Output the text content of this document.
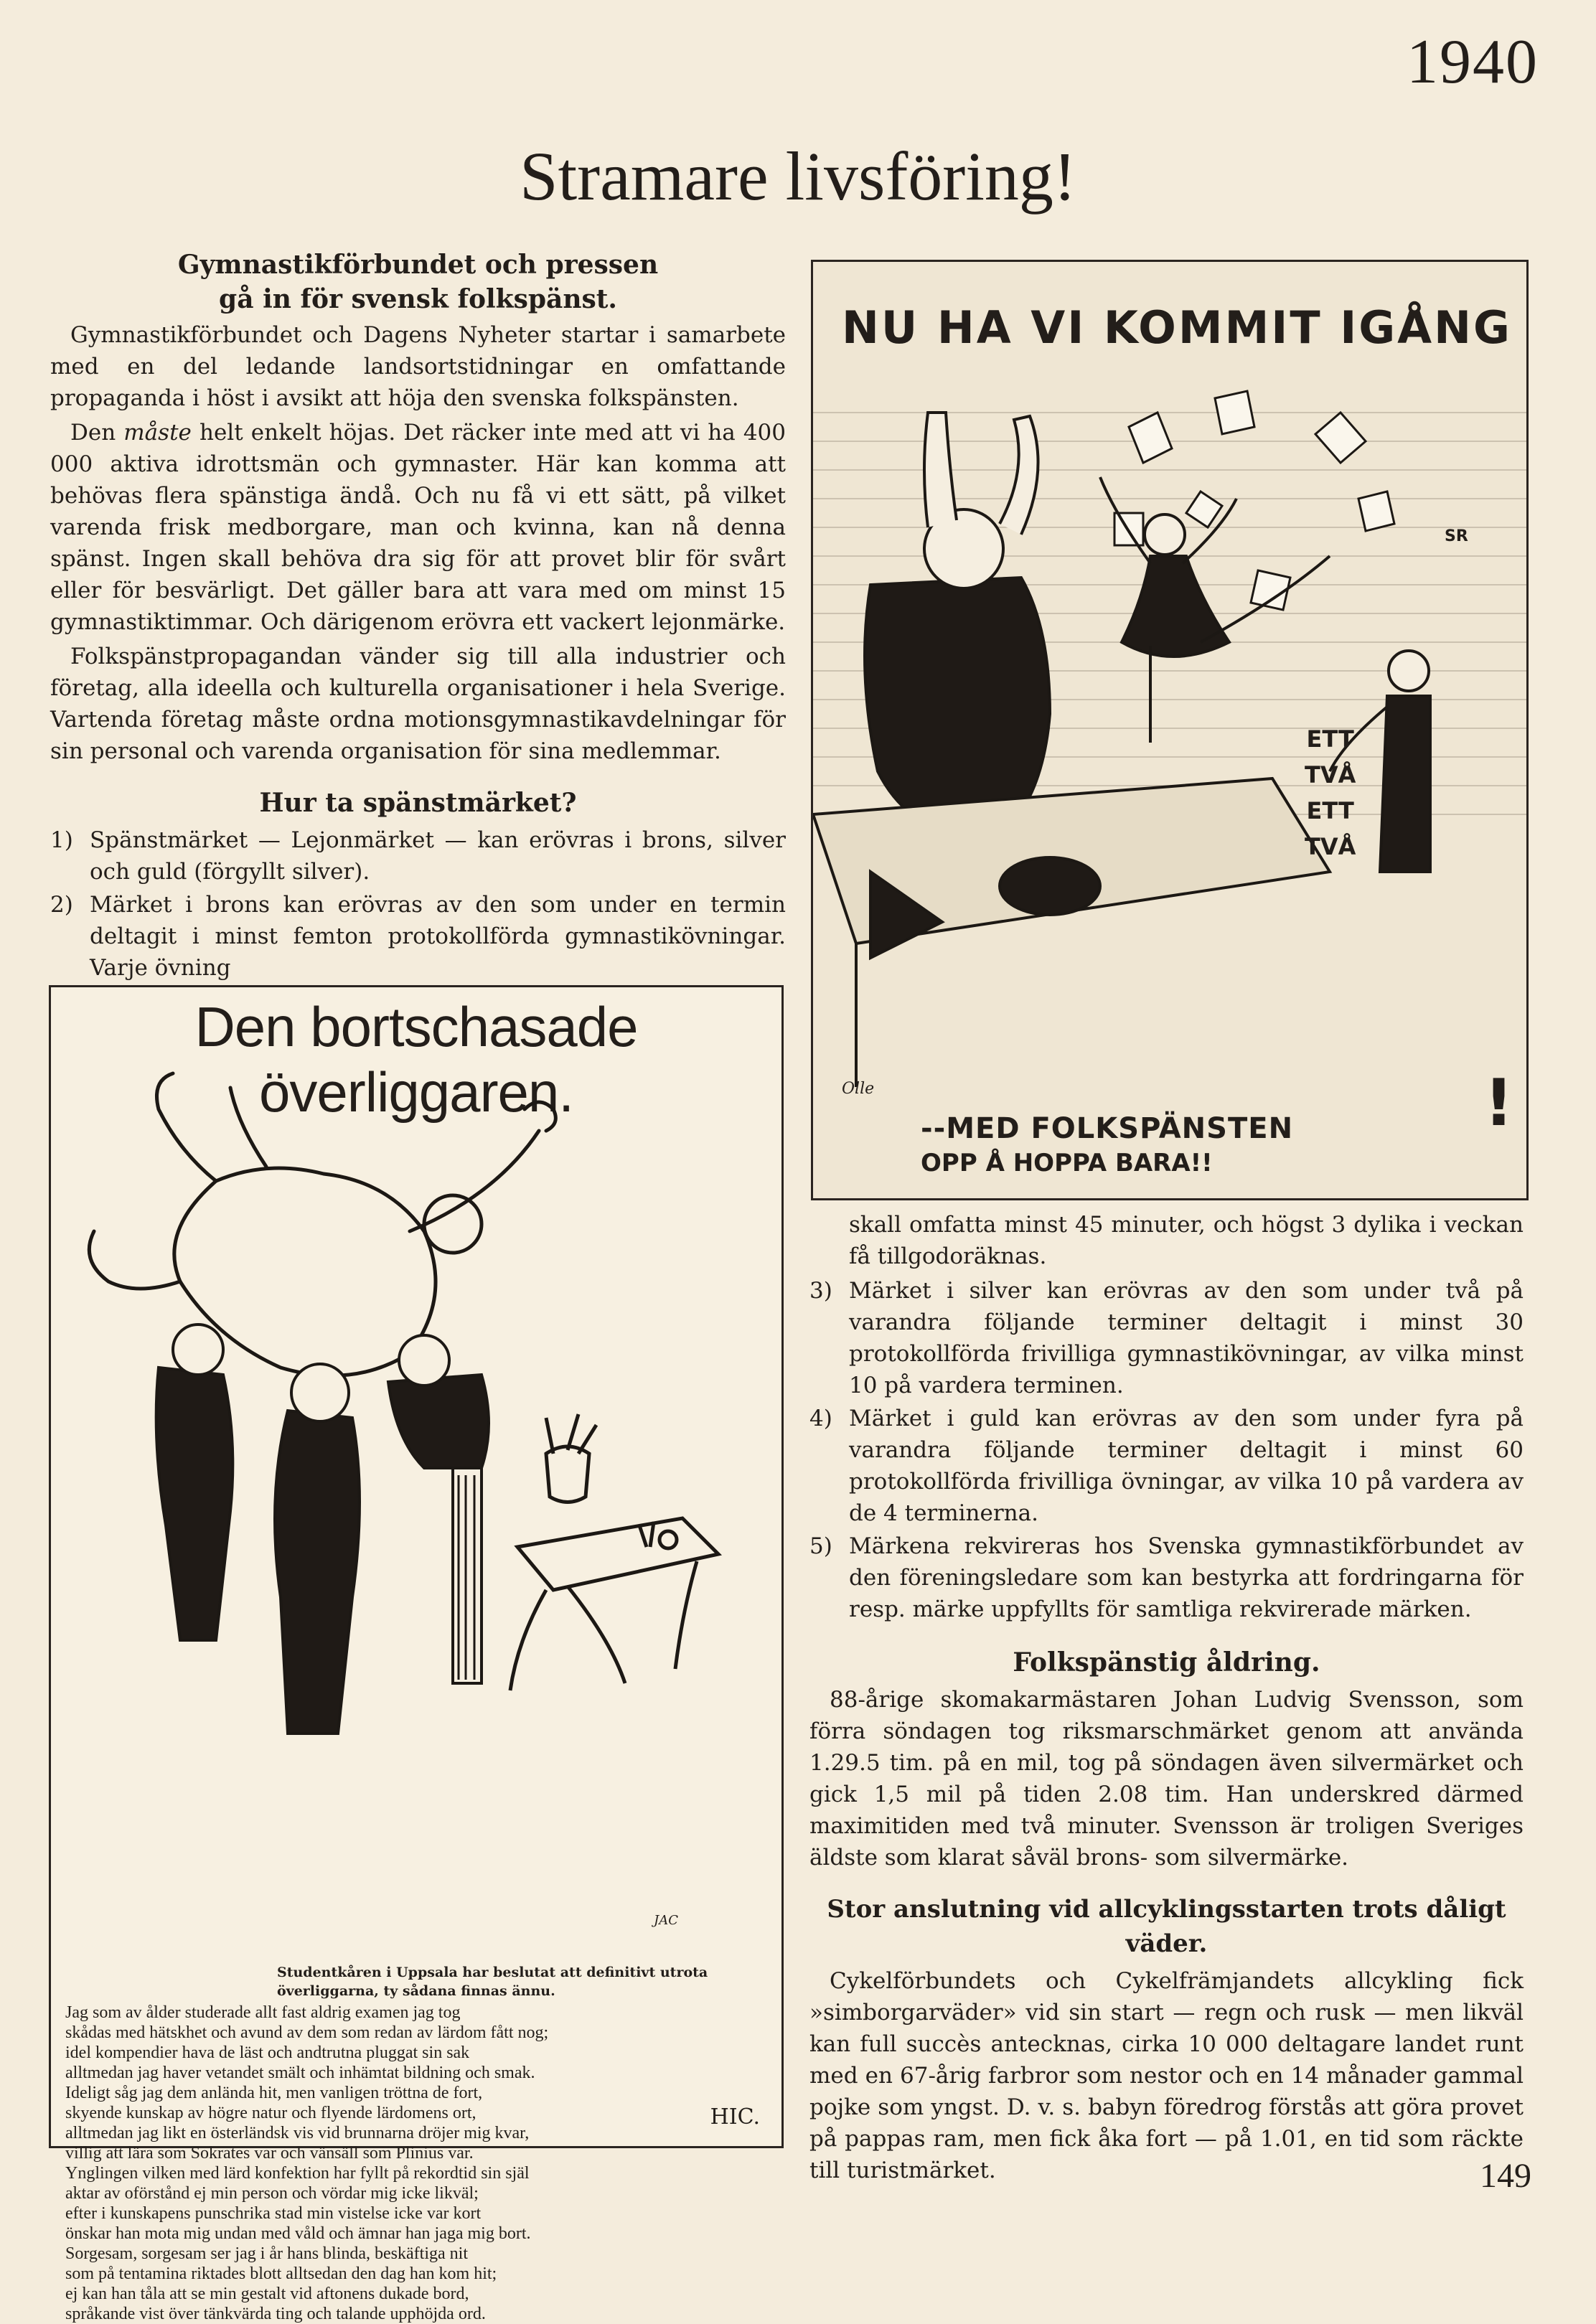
1940
Stramare livsföring!
Gymnastikförbundet och pressen
gå in för svensk folkspänst.

Gymnastikförbundet och Dagens Nyheter startar i samarbete med en del ledande landsortstidningar en omfattande propaganda i höst i avsikt att höja den svenska folkspänsten.

Den måste helt enkelt höjas. Det räcker inte med att vi ha 400 000 aktiva idrottsmän och gymnaster. Här kan komma att behövas flera spänstiga ändå. Och nu få vi ett sätt, på vilket varenda frisk medborgare, man och kvinna, kan nå denna spänst. Ingen skall behöva dra sig för att provet blir för svårt eller för besvärligt. Det gäller bara att vara med om minst 15 gymnastiktimmar. Och därigenom erövra ett vackert lejonmärke.

Folkspänstpropagandan vänder sig till alla industrier och företag, alla ideella och kulturella organisationer i hela Sverige. Vartenda företag måste ordna motionsgymnastikavdelningar för sin personal och varenda organisation för sina medlemmar.

Hur ta spänstmärket?
1) Spänstmärket — Lejonmärket — kan erövras i brons, silver och guld (förgyllt silver).
2) Märket i brons kan erövras av den som under en termin deltagit i minst femton protokollförda gymnastikövningar. Varje övning
Den bortschasade överliggaren.
JAC
Studentkåren i Uppsala har beslutat att definitivt utrota överliggarna, ty sådana finnas ännu.
Jag som av ålder studerade allt fast aldrig examen jag tog
skådas med hätskhet och avund av dem som redan av lärdom fått nog;
idel kompendier hava de läst och andtrutna pluggat sin sak
alltmedan jag haver vetandet smält och inhämtat bildning och smak.
Ideligt såg jag dem anlända hit, men vanligen tröttna de fort,
skyende kunskap av högre natur och flyende lärdomens ort,
alltmedan jag likt en österländsk vis vid brunnarna dröjer mig kvar,
villig att lära som Sokrates var och vänsäll som Plinius var.
Ynglingen vilken med lärd konfektion har fyllt på rekordtid sin själ
aktar av oförstånd ej min person och vördar mig icke likväl;
efter i kunskapens punschrika stad min vistelse icke var kort
önskar han mota mig undan med våld och ämnar han jaga mig bort.
Sorgesam, sorgesam ser jag i år hans blinda, beskäftiga nit
som på tentamina riktades blott alltsedan den dag han kom hit;
ej kan han tåla att se min gestalt vid aftonens dukade bord,
språkande vist över tänkvärda ting och talande upphöjda ord.
HIC.
NU HA VI KOMMIT IGÅNG
ETT
TVÅ
ETT
TVÅ
--MED FOLKSPÄNSTEN
OPP Å HOPPA BARA!!
!
Olle
SR

skall omfatta minst 45 minuter, och högst 3 dylika i veckan få tillgodoräknas.

3) Märket i silver kan erövras av den som under två på varandra följande terminer deltagit i minst 30 protokollförda frivilliga gymnastikövningar, av vilka minst 10 på vardera terminen.
4) Märket i guld kan erövras av den som under fyra på varandra följande terminer deltagit i minst 60 protokollförda frivilliga övningar, av vilka 10 på vardera av de 4 terminerna.
5) Märkena rekvireras hos Svenska gymnastikförbundet av den föreningsledare som kan bestyrka att fordringarna för resp. märke uppfyllts för samtliga rekvirerade märken.
Folkspänstig åldring.

88-årige skomakarmästaren Johan Ludvig Svensson, som förra söndagen tog riksmarschmärket genom att använda 1.29.5 tim. på en mil, tog på söndagen även silvermärket och gick 1,5 mil på tiden 2.08 tim. Han underskred därmed maximitiden med två minuter. Svensson är troligen Sveriges äldste som klarat såväl brons- som silvermärke.

Stor anslutning vid allcyklingsstarten trots dåligt väder.

Cykelförbundets och Cykelfrämjandets allcykling fick »simborgarväder» vid sin start — regn och rusk — men likväl kan full succès antecknas, cirka 10 000 deltagare landet runt med en 67-årig farbror som nestor och en 14 månader gammal pojke som yngst. D. v. s. babyn föredrog förstås att göra provet på pappas ram, men fick åka fort — på 1.01, en tid som räckte till turistmärket.	149
